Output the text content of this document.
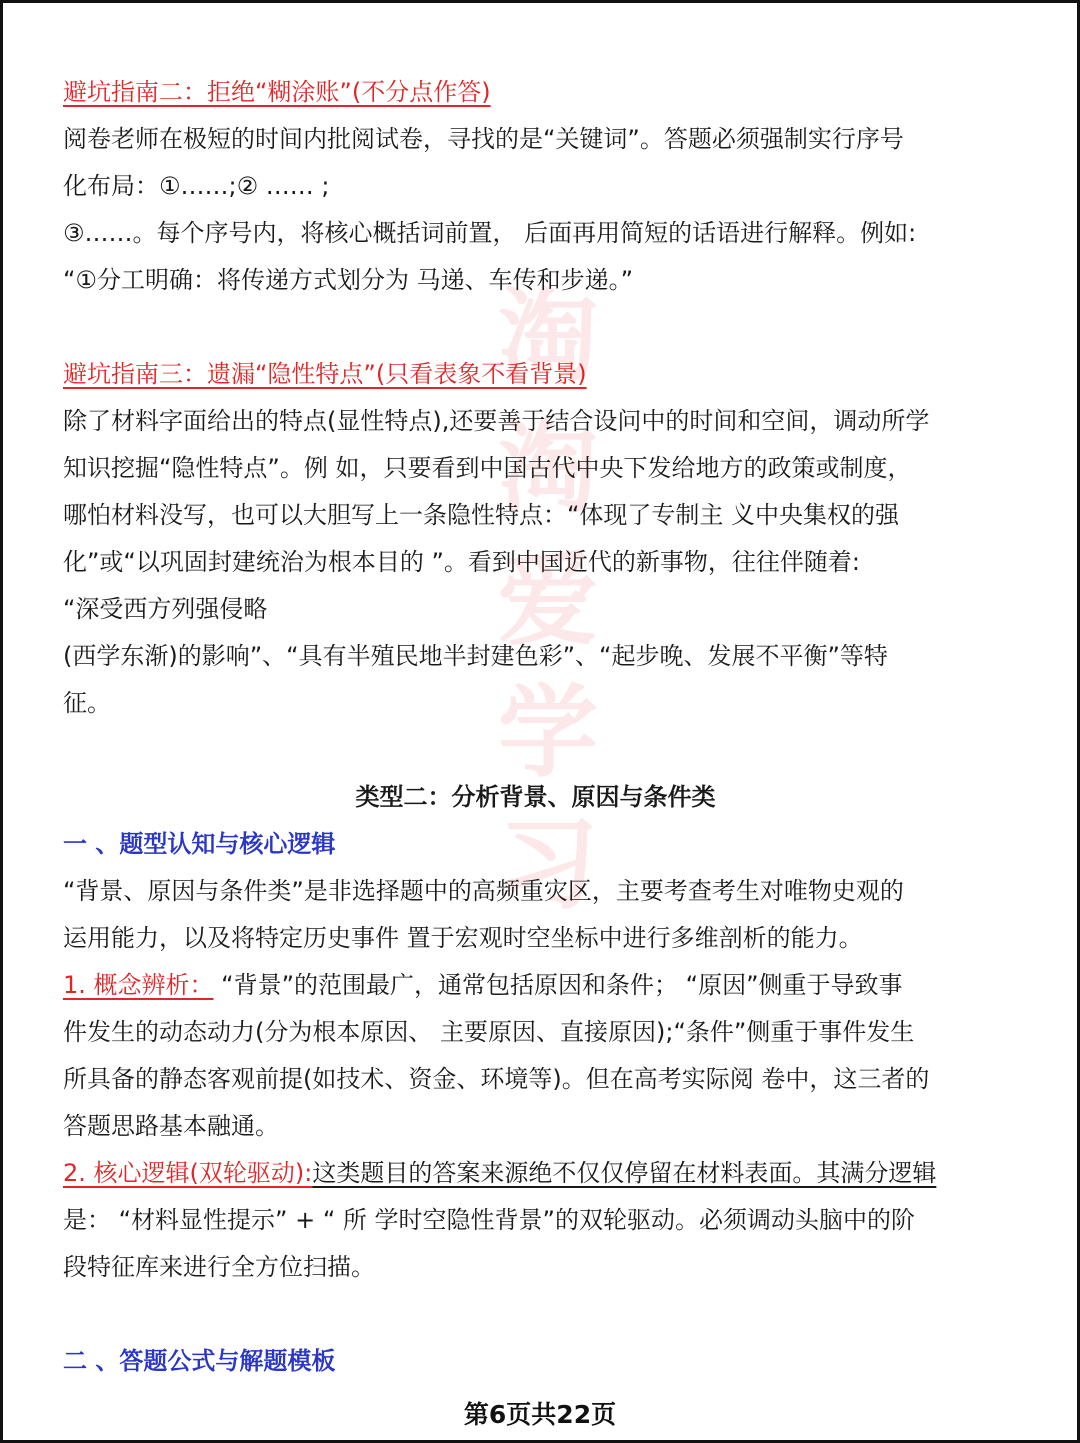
淘
淘
爱
学
习
避坑指南二：拒绝“糊涂账”(不分点作答)
阅卷老师在极短的时间内批阅试卷，寻找的是“关键词”。答题必须强制实行序号
化布局：①……;② …… ;
③……。每个序号内，将核心概括词前置， 后面再用简短的话语进行解释。例如:
“①分工明确：将传递方式划分为 马递、车传和步递。”
避坑指南三：遗漏“隐性特点”(只看表象不看背景)
除了材料字面给出的特点(显性特点),还要善于结合设问中的时间和空间，调动所学
知识挖掘“隐性特点”。例 如，只要看到中国古代中央下发给地方的政策或制度，
哪怕材料没写，也可以大胆写上一条隐性特点：“体现了专制主 义中央集权的强
化”或“以巩固封建统治为根本目的 ”。看到中国近代的新事物，往往伴随着:
“深受西方列强侵略
(西学东渐)的影响”、“具有半殖民地半封建色彩”、“起步晚、发展不平衡”等特
征。
类型二：分析背景、原因与条件类
一 、题型认知与核心逻辑
“背景、原因与条件类”是非选择题中的高频重灾区，主要考查考生对唯物史观的
运用能力，以及将特定历史事件 置于宏观时空坐标中进行多维剖析的能力。
1. 概念辨析： “背景”的范围最广，通常包括原因和条件； “原因”侧重于导致事
件发生的动态动力(分为根本原因、 主要原因、直接原因);“条件”侧重于事件发生
所具备的静态客观前提(如技术、资金、环境等)。但在高考实际阅 卷中，这三者的
答题思路基本融通。
2. 核心逻辑(双轮驱动):这类题目的答案来源绝不仅仅停留在材料表面。其满分逻辑
是： “材料显性提示” + “ 所 学时空隐性背景”的双轮驱动。必须调动头脑中的阶
段特征库来进行全方位扫描。
二 、答题公式与解题模板
第6页共22页
